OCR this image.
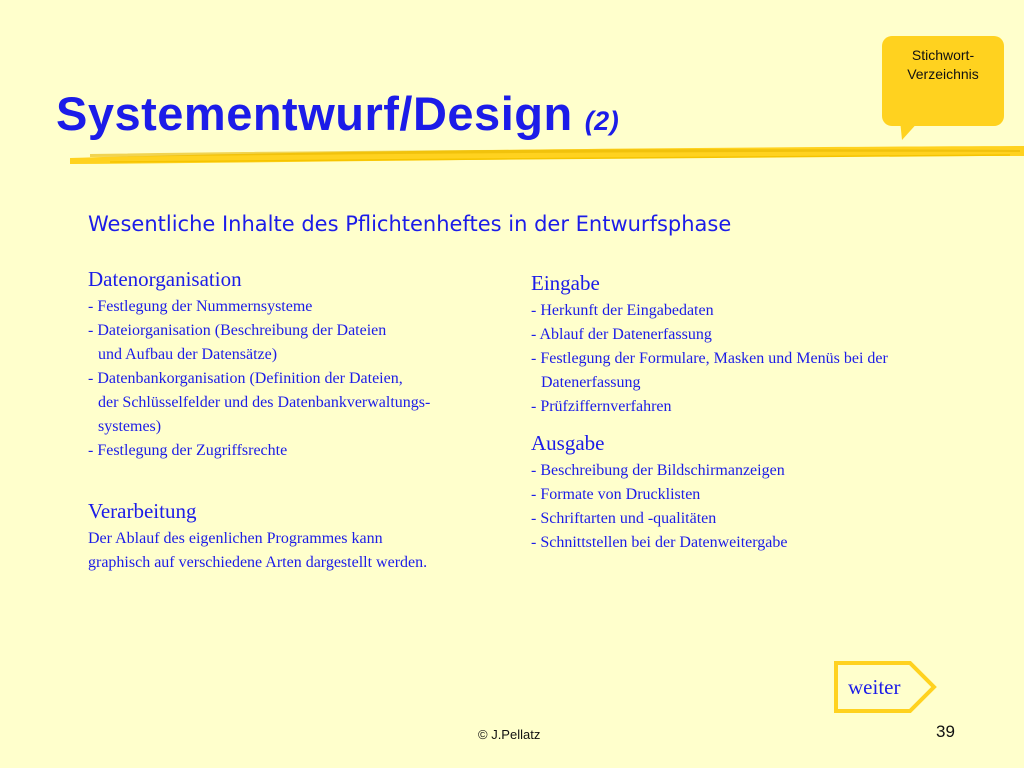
Systementwurf/Design (2)
Stichwort-
Verzeichnis
Wesentliche Inhalte des Pflichtenheftes in der Entwurfsphase
Datenorganisation
- Festlegung der Nummernsysteme
- Dateiorganisation (Beschreibung der Dateien
und Aufbau der Datensätze)
- Datenbankorganisation (Definition der Dateien,
der Schlüsselfelder und des Datenbankverwaltungs-
systemes)
- Festlegung der Zugriffsrechte
Verarbeitung
Der Ablauf des eigenlichen Programmes kann
graphisch auf verschiedene Arten dargestellt werden.
Eingabe
- Herkunft der Eingabedaten
- Ablauf der Datenerfassung
- Festlegung der Formulare, Masken und Menüs bei der
Datenerfassung
- Prüfziffernverfahren
Ausgabe
- Beschreibung der Bildschirmanzeigen
- Formate von Drucklisten
- Schriftarten und -qualitäten
- Schnittstellen bei der Datenweitergabe
weiter
© J.Pellatz	39
